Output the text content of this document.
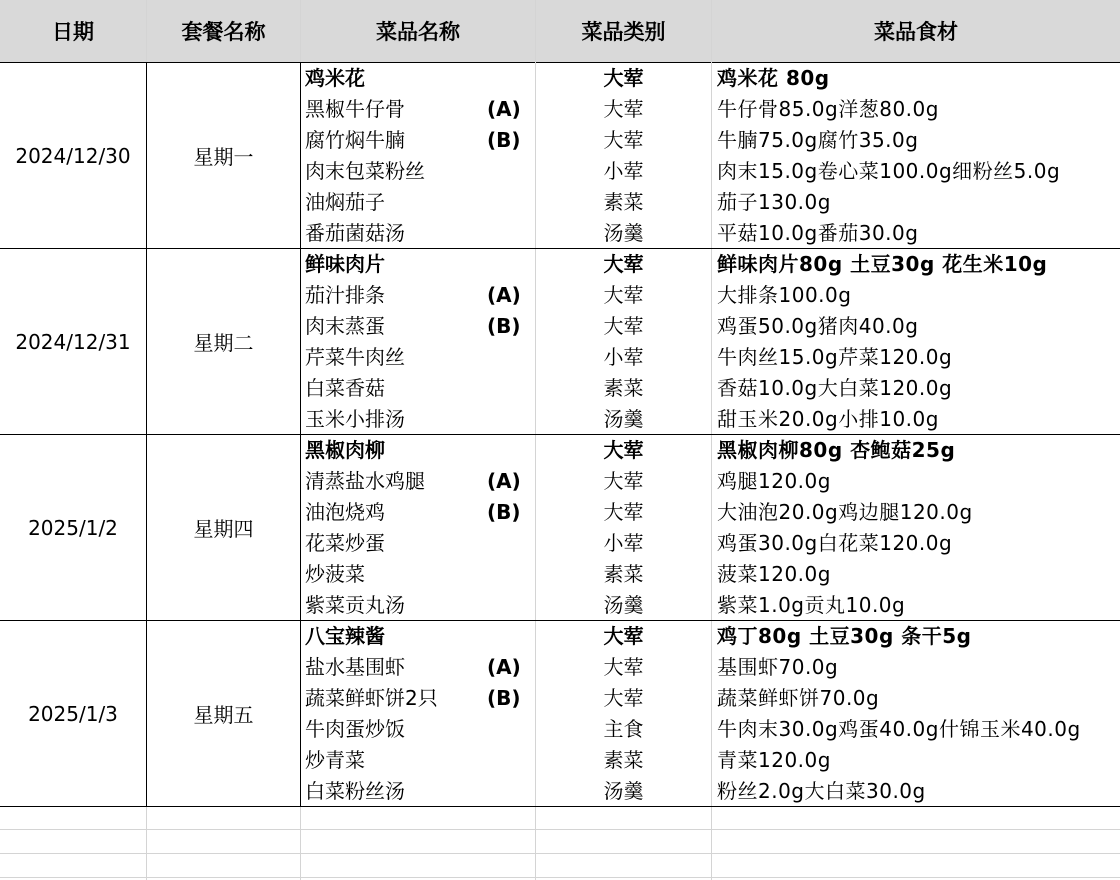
日期	套餐名称	菜品名称	菜品类别	菜品食材
2024/12/30	星期一
鸡米花	大荤	鸡米花 80g
黑椒牛仔骨	(A)	大荤	牛仔骨85.0g洋葱80.0g
腐竹焖牛腩	(B)	大荤	牛腩75.0g腐竹35.0g
肉末包菜粉丝	小荤	肉末15.0g卷心菜100.0g细粉丝5.0g
油焖茄子	素菜	茄子130.0g
番茄菌菇汤	汤羹	平菇10.0g番茄30.0g
2024/12/31	星期二
鲜味肉片	大荤	鲜味肉片80g 土豆30g 花生米10g
茄汁排条	(A)	大荤	大排条100.0g
肉末蒸蛋	(B)	大荤	鸡蛋50.0g猪肉40.0g
芹菜牛肉丝	小荤	牛肉丝15.0g芹菜120.0g
白菜香菇	素菜	香菇10.0g大白菜120.0g
玉米小排汤	汤羹	甜玉米20.0g小排10.0g
2025/1/2	星期四
黑椒肉柳	大荤	黑椒肉柳80g 杏鲍菇25g
清蒸盐水鸡腿	(A)	大荤	鸡腿120.0g
油泡烧鸡	(B)	大荤	大油泡20.0g鸡边腿120.0g
花菜炒蛋	小荤	鸡蛋30.0g白花菜120.0g
炒菠菜	素菜	菠菜120.0g
紫菜贡丸汤	汤羹	紫菜1.0g贡丸10.0g
2025/1/3	星期五
八宝辣酱	大荤	鸡丁80g 土豆30g 条干5g
盐水基围虾	(A)	大荤	基围虾70.0g
蔬菜鲜虾饼2只 (B)	大荤	蔬菜鲜虾饼70.0g
牛肉蛋炒饭	主食	牛肉末30.0g鸡蛋40.0g什锦玉米40.0g
炒青菜	素菜	青菜120.0g
白菜粉丝汤	汤羹	粉丝2.0g大白菜30.0g
